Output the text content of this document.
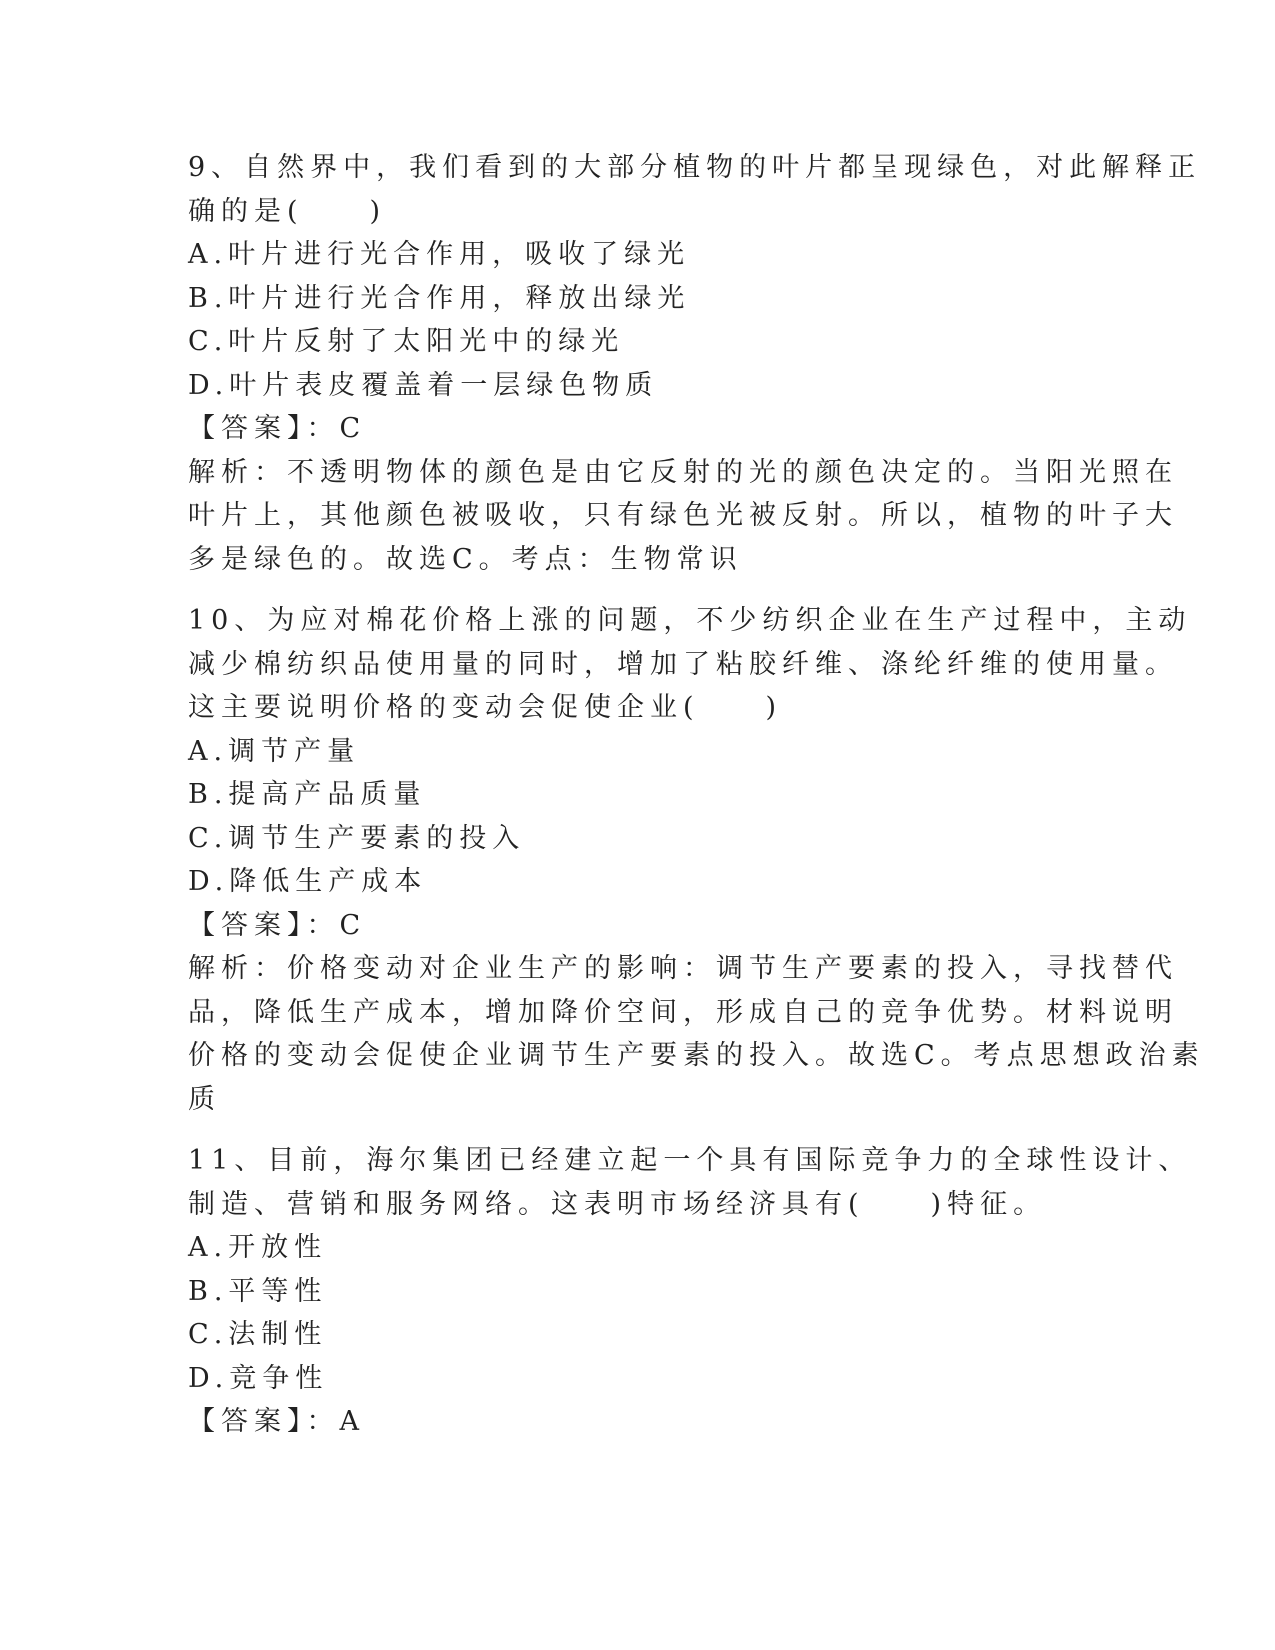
9、自然界中，我们看到的大部分植物的叶片都呈现绿色，对此解释正
确的是(　　)
A.叶片进行光合作用，吸收了绿光
B.叶片进行光合作用，释放出绿光
C.叶片反射了太阳光中的绿光
D.叶片表皮覆盖着一层绿色物质
【答案】：C
解析：不透明物体的颜色是由它反射的光的颜色决定的。当阳光照在
叶片上，其他颜色被吸收，只有绿色光被反射。所以，植物的叶子大
多是绿色的。故选C。考点：生物常识
10、为应对棉花价格上涨的问题，不少纺织企业在生产过程中，主动
减少棉纺织品使用量的同时，增加了粘胶纤维、涤纶纤维的使用量。
这主要说明价格的变动会促使企业(　　)
A.调节产量
B.提高产品质量
C.调节生产要素的投入
D.降低生产成本
【答案】：C
解析：价格变动对企业生产的影响：调节生产要素的投入，寻找替代
品，降低生产成本，增加降价空间，形成自己的竞争优势。材料说明
价格的变动会促使企业调节生产要素的投入。故选C。考点思想政治素
质
11、目前，海尔集团已经建立起一个具有国际竞争力的全球性设计、
制造、营销和服务网络。这表明市场经济具有(　　)特征。
A.开放性
B.平等性
C.法制性
D.竞争性
【答案】：A
